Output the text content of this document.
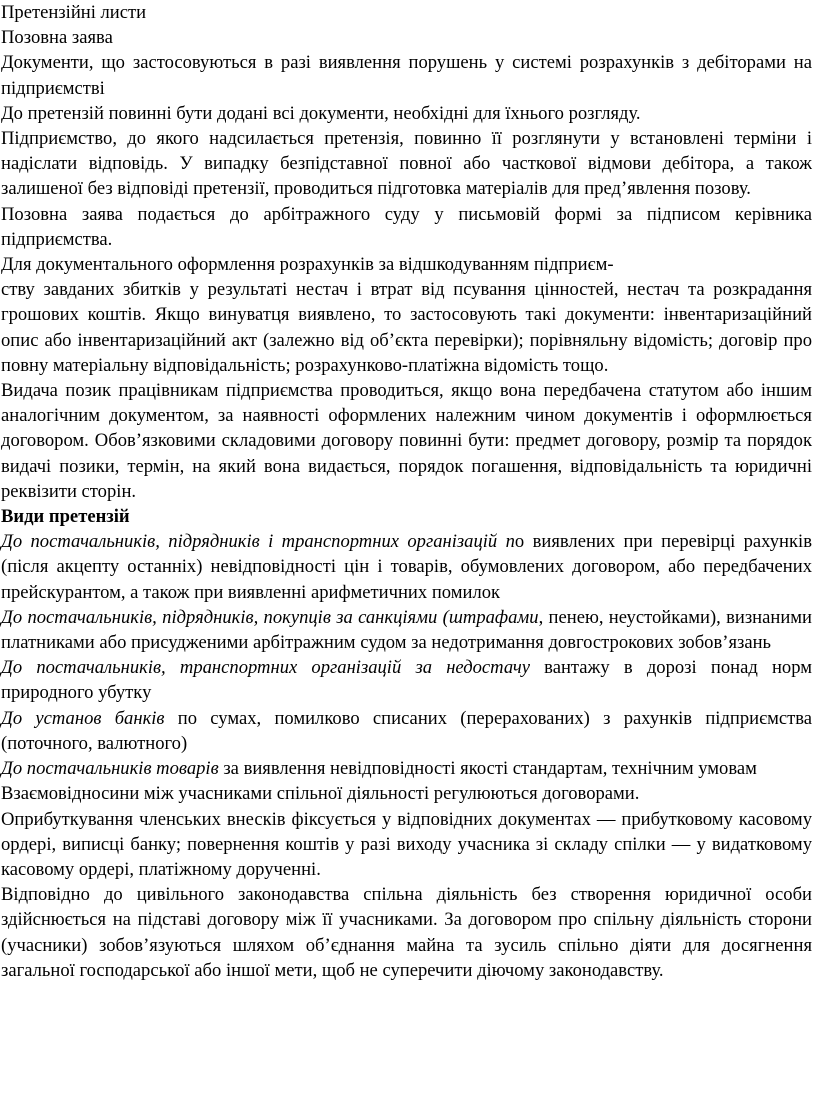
Претензійні листи

Позовна заява

Документи, що застосовуються в разі виявлення порушень у системі розрахунків з дебіторами на підприємстві

До претензій повинні бути додані всі документи, необхідні для їхнього розгляду.

Підприємство, до якого надсилається претензія, повинно її розглянути у встановлені терміни і надіслати відповідь. У випадку безпідставної повної або часткової відмови дебітора, а також залишеної без відповіді претензії, проводиться підготовка матеріалів для пред’явлення позову.

Позовна заява подається до арбітражного суду у письмовій формі за підписом керівника підприємства.

Для документального оформлення розрахунків за відшкодуванням підприєм-

ству завданих збитків у результаті нестач і втрат від псування цінностей, нестач та розкрадання грошових коштів. Якщо винуватця виявлено, то застосовують такі документи: інвентаризаційний опис або інвентаризаційний акт (залежно від об’єкта перевірки); порівняльну відомість; договір про повну матеріальну відповідальність; розрахунково-платіжна відомість тощо.

Видача позик працівникам підприємства проводиться, якщо вона передбачена статутом або іншим аналогічним документом, за наявності оформлених належним чином документів і оформлюється договором. Обов’язковими складовими договору повинні бути: предмет договору, розмір та порядок видачі позики, термін, на який вона видається, порядок погашення, відповідальність та юридичні реквізити сторін.

Види претензій

До постачальників, підрядників і транспортних організацій по виявлених при перевірці рахунків (після акцепту останніх) невідповідності цін і товарів, обумовлених договором, або передбачених прейскурантом, а також при виявленні арифметичних помилок

До постачальників, підрядників, покупців за санкціями (штрафами, пенею, неустойками), визнаними платниками або присудженими арбітражним судом за недотримання довгострокових зобов’язань

До постачальників, транспортних організацій за недостачу вантажу в дорозі понад норм природного убутку

До установ банків по сумах, помилково списаних (перерахованих) з рахунків підприємства (поточного, валютного)

До постачальників товарів за виявлення невідповідності якості стандартам, технічним умовам

Взаємовідносини між учасниками спільної діяльності регулюються договорами.

Оприбуткування членських внесків фіксується у відповідних документах — прибутковому касовому ордері, виписці банку; повернення коштів у разі виходу учасника зі складу спілки — у видатковому касовому ордері, платіжному дорученні.

Відповідно до цивільного законодавства спільна діяльність без створення юридичної особи здійснюється на підставі договору між її учасниками. За договором про спільну діяльність сторони (учасники) зобов’язуються шляхом об’єднання майна та зусиль спільно діяти для досягнення загальної господарської або іншої мети, щоб не суперечити діючому законодавству.
